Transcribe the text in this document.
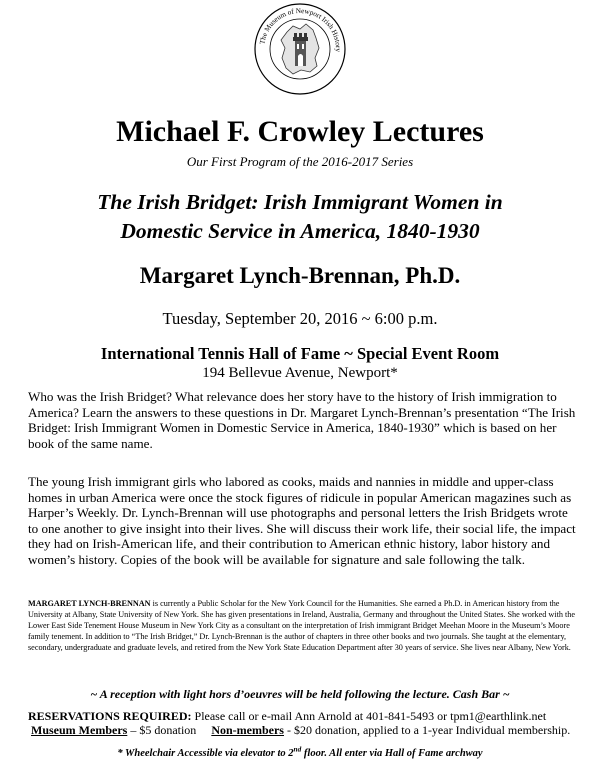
The Museum of Newport Irish History
Michael F. Crowley Lectures
Our First Program of the 2016-2017 Series
The Irish Bridget: Irish Immigrant Women in
Domestic Service in America, 1840-1930
Margaret Lynch-Brennan, Ph.D.
Tuesday, September 20, 2016 ~ 6:00 p.m.
International Tennis Hall of Fame ~ Special Event Room
194 Bellevue Avenue, Newport*
Who was the Irish Bridget? What relevance does her story have to the history of Irish immigration to America? Learn the answers to these questions in Dr. Margaret Lynch-Brennan’s presentation “The Irish Bridget: Irish Immigrant Women in Domestic Service in America, 1840-1930” which is based on her book of the same name.
The young Irish immigrant girls who labored as cooks, maids and nannies in middle and upper-class homes in urban America were once the stock figures of ridicule in popular American magazines such as Harper’s Weekly. Dr. Lynch-Brennan will use photographs and personal letters the Irish Bridgets wrote to one another to give insight into their lives. She will discuss their work life, their social life, the impact they had on Irish-American life, and their contribution to American ethnic history, labor history and women’s history. Copies of the book will be available for signature and sale following the talk.
MARGARET LYNCH-BRENNAN is currently a Public Scholar for the New York Council for the Humanities. She earned a Ph.D. in American history from the University at Albany, State University of New York. She has given presentations in Ireland, Australia, Germany and throughout the United States. She worked with the Lower East Side Tenement House Museum in New York City as a consultant on the interpretation of Irish immigrant Bridget Meehan Moore in the Museum’s Moore family tenement. In addition to “The Irish Bridget,” Dr. Lynch-Brennan is the author of chapters in three other books and two journals. She taught at the elementary, secondary, undergraduate and graduate levels, and retired from the New York State Education Department after 30 years of service. She lives near Albany, New York.
~ A reception with light hors d’oeuvres will be held following the lecture. Cash Bar ~
RESERVATIONS REQUIRED: Please call or e-mail Ann Arnold at 401-841-5493 or tpm1@earthlink.net
Museum Members – $5 donation     Non-members - $20 donation, applied to a 1-year Individual membership.
* Wheelchair Accessible via elevator to 2nd floor. All enter via Hall of Fame archway
